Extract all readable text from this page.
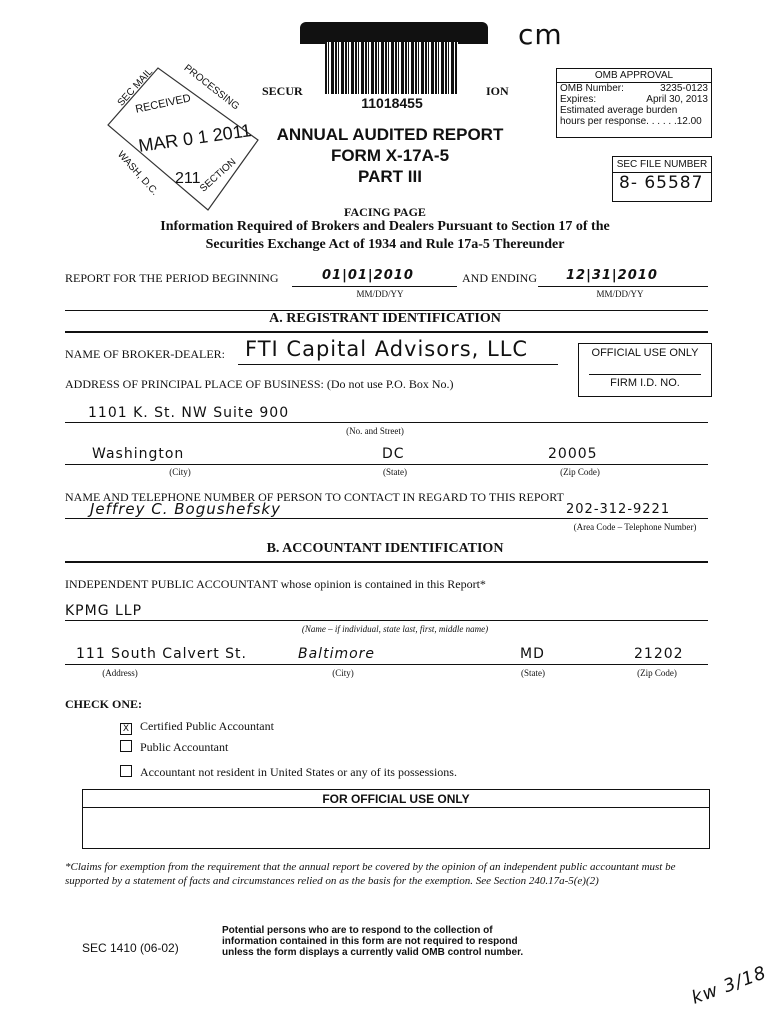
11018455
cm
SEC MAIL	PROCESSING
RECEIVED
MAR 0 1 2011
211
WASH, D.C.	SECTION
SECUR	ION
ANNUAL AUDITED REPORT
FORM X-17A-5
PART III
OMB APPROVAL
OMB Number:	3235-0123
Expires:	April 30, 2013
Estimated average burden
hours per response. . . . . .12.00
SEC FILE NUMBER
8- 65587
FACING PAGE
Information Required of Brokers and Dealers Pursuant to Section 17 of the
Securities Exchange Act of 1934 and Rule 17a-5 Thereunder
REPORT FOR THE PERIOD BEGINNING	01|01|2010
MM/DD/YY
AND ENDING 12|31|2010
MM/DD/YY
A. REGISTRANT IDENTIFICATION
NAME OF BROKER-DEALER: FTI Capital Advisors, LLC	OFFICIAL USE ONLY
FIRM I.D. NO.
ADDRESS OF PRINCIPAL PLACE OF BUSINESS: (Do not use P.O. Box No.)
1101 K. St. NW Suite 900
(No. and Street)
Washington	DC	20005
(City)	(State)	(Zip Code)
NAME AND TELEPHONE NUMBER OF PERSON TO CONTACT IN REGARD TO THIS REPORT
Jeffrey C. Bogushefsky	202-312-9221
(Area Code – Telephone Number)
B. ACCOUNTANT IDENTIFICATION
INDEPENDENT PUBLIC ACCOUNTANT whose opinion is contained in this Report*
KPMG LLP
(Name – if individual, state last, first, middle name)
111 South Calvert St.	Baltimore	MD	21202
(Address)	(City)	(State)	(Zip Code)
CHECK ONE:
X Certified Public Accountant
Public Accountant
Accountant not resident in United States or any of its possessions.
FOR OFFICIAL USE ONLY
*Claims for exemption from the requirement that the annual report be covered by the opinion of an independent public accountant must be supported by a statement of facts and circumstances relied on as the basis for the exemption. See Section 240.17a-5(e)(2)
SEC 1410 (06-02)
Potential persons who are to respond to the collection of
information contained in this form are not required to respond
unless the form displays a currently valid OMB control number.
kw 3/18
